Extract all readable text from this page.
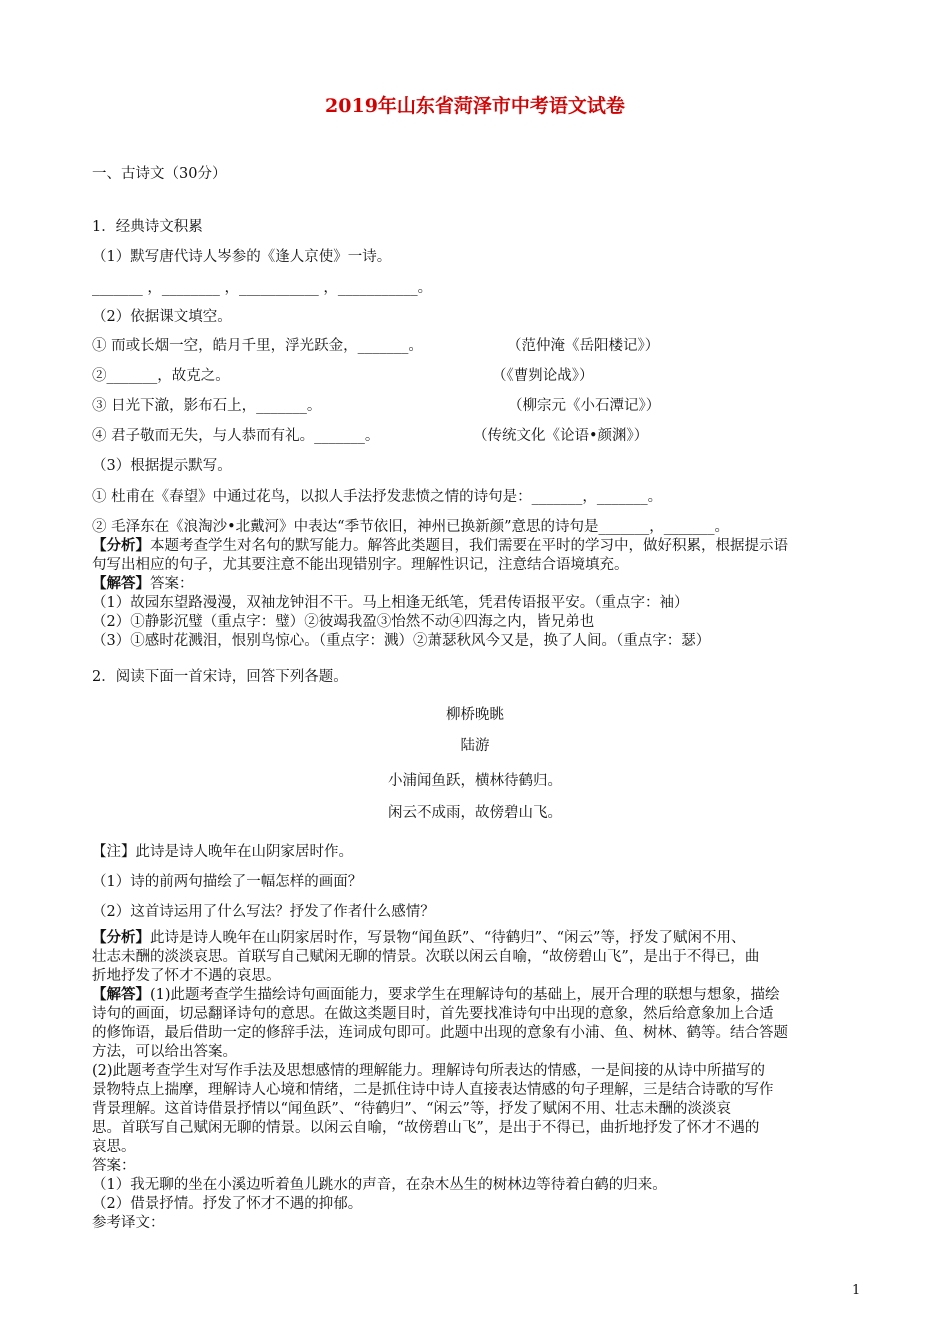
2019年山东省菏泽市中考语文试卷
一、古诗文（30分）
1．经典诗文积累
（1）默写唐代诗人岑参的《逢人京使》一诗。
_______ ，________ ，___________ ，___________。
（2）依据课文填空。
① 而或长烟一空，皓月千里，浮光跃金，_______。	（范仲淹《岳阳楼记》）
②_______，故克之。	（《曹刿论战》）
③ 日光下澈，影布石上，_______。	（柳宗元《小石潭记》）
④ 君子敬而无失，与人恭而有礼。_______。	（传统文化《论语•颜渊》）
（3）根据提示默写。
① 杜甫在《春望》中通过花鸟，以拟人手法抒发悲愤之情的诗句是：_______，_______。
② 毛泽东在《浪淘沙•北戴河》中表达“季节依旧，神州已换新颜”意思的诗句是_______，_______。
【分析】本题考查学生对名句的默写能力。解答此类题目，我们需要在平时的学习中，做好积累，根据提示语
句写出相应的句子，尤其要注意不能出现错别字。理解性识记，注意结合语境填充。
【解答】答案：
（1）故园东望路漫漫，双袖龙钟泪不干。马上相逢无纸笔，凭君传语报平安。（重点字：袖）
（2）①静影沉璧（重点字：璧）②彼竭我盈③怡然不动④四海之内，皆兄弟也
（3）①感时花溅泪，恨别鸟惊心。（重点字：溅）②萧瑟秋风今又是，换了人间。（重点字：瑟）
2．阅读下面一首宋诗，回答下列各题。
柳桥晚眺
陆游
小浦闻鱼跃，横林待鹤归。
闲云不成雨，故傍碧山飞。
【注】此诗是诗人晚年在山阴家居时作。
（1）诗的前两句描绘了一幅怎样的画面？
（2）这首诗运用了什么写法？抒发了作者什么感情？
【分析】此诗是诗人晚年在山阴家居时作，写景物“闻鱼跃”、“待鹤归”、“闲云”等，抒发了赋闲不用、
壮志未酬的淡淡哀思。首联写自己赋闲无聊的情景。次联以闲云自喻，“故傍碧山飞”，是出于不得已，曲
折地抒发了怀才不遇的哀思。
【解答】(1)此题考查学生描绘诗句画面能力，要求学生在理解诗句的基础上，展开合理的联想与想象，描绘
诗句的画面，切忌翻译诗句的意思。在做这类题目时，首先要找准诗句中出现的意象，然后给意象加上合适
的修饰语，最后借助一定的修辞手法，连词成句即可。此题中出现的意象有小浦、鱼、树林、鹤等。结合答题
方法，可以给出答案。
(2)此题考查学生对写作手法及思想感情的理解能力。理解诗句所表达的情感，一是间接的从诗中所描写的
景物特点上揣摩，理解诗人心境和情绪，二是抓住诗中诗人直接表达情感的句子理解，三是结合诗歌的写作
背景理解。这首诗借景抒情以“闻鱼跃”、“待鹤归”、“闲云”等，抒发了赋闲不用、壮志未酬的淡淡哀
思。首联写自己赋闲无聊的情景。以闲云自喻，“故傍碧山飞”，是出于不得已，曲折地抒发了怀才不遇的
哀思。
答案：
（1）我无聊的坐在小溪边听着鱼儿跳水的声音，在杂木丛生的树林边等待着白鹤的归来。
（2）借景抒情。抒发了怀才不遇的抑郁。
参考译文：
1
